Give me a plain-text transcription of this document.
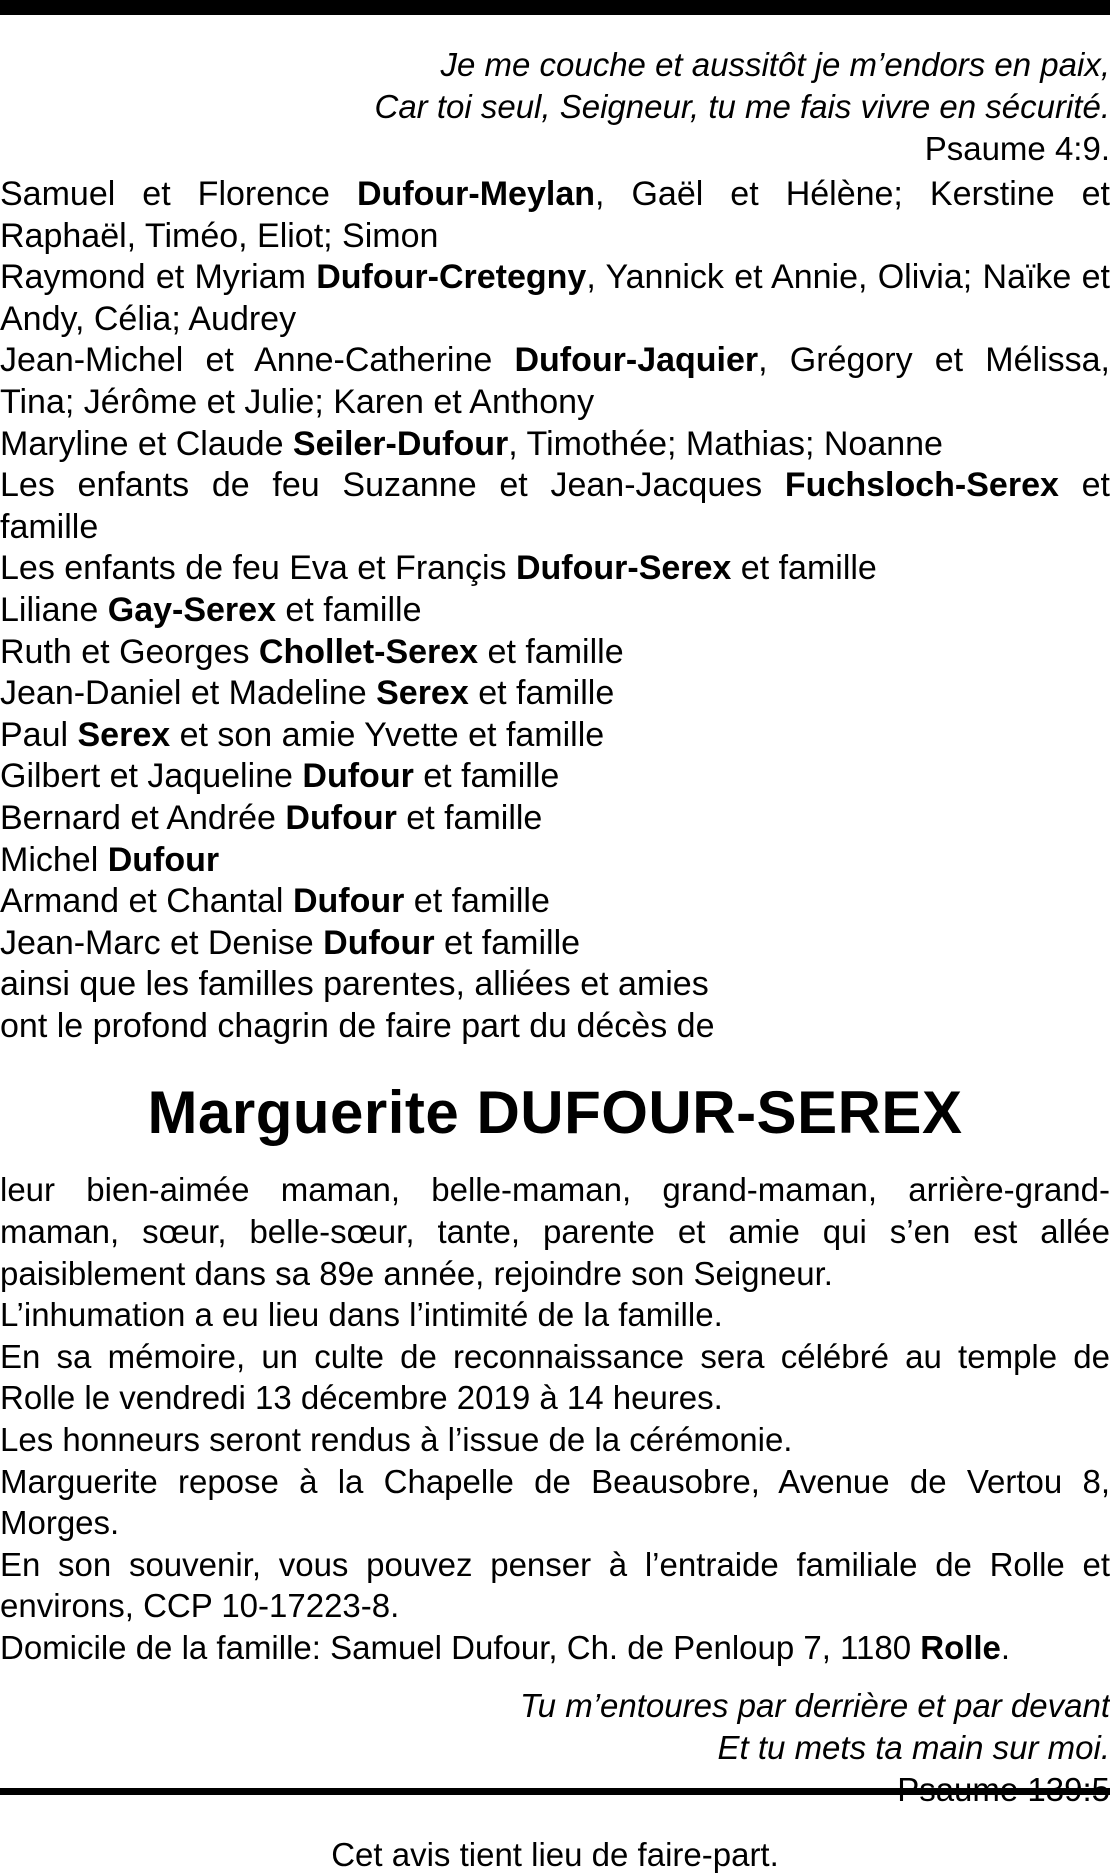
Je me couche et aussitôt je m’endors en paix,
Car toi seul, Seigneur, tu me fais vivre en sécurité.
Psaume 4:9.
Samuel et Florence Dufour-Meylan, Gaël et Hélène; Kerstine et Raphaël, Timéo, Eliot; Simon
Raymond et Myriam Dufour-Cretegny, Yannick et Annie, Olivia; Naïke et Andy, Célia; Audrey
Jean-Michel et Anne-Catherine Dufour-Jaquier, Grégory et Mélissa, Tina; Jérôme et Julie; Karen et Anthony
Maryline et Claude Seiler-Dufour, Timothée; Mathias; Noanne
Les enfants de feu Suzanne et Jean-Jacques Fuchsloch-Serex et famille
Les enfants de feu Eva et Françis Dufour-Serex et famille
Liliane Gay-Serex et famille
Ruth et Georges Chollet-Serex et famille
Jean-Daniel et Madeline Serex et famille
Paul Serex et son amie Yvette et famille
Gilbert et Jaqueline Dufour et famille
Bernard et Andrée Dufour et famille
Michel Dufour
Armand et Chantal Dufour et famille
Jean-Marc et Denise Dufour et famille
ainsi que les familles parentes, alliées et amies
ont le profond chagrin de faire part du décès de
Marguerite DUFOUR-SEREX

leur bien-aimée maman, belle-maman, grand-maman, arrière-grand-maman, sœur, belle-sœur, tante, parente et amie qui s’en est allée paisiblement dans sa 89e année, rejoindre son Seigneur.

L’inhumation a eu lieu dans l’intimité de la famille.

En sa mémoire, un culte de reconnaissance sera célébré au temple de Rolle le vendredi 13 décembre 2019 à 14 heures.

Les honneurs seront rendus à l’issue de la cérémonie.

Marguerite repose à la Chapelle de Beausobre, Avenue de Vertou 8, Morges.

En son souvenir, vous pouvez penser à l’entraide familiale de Rolle et environs, CCP 10-17223-8.

Domicile de la famille: Samuel Dufour, Ch. de Penloup 7, 1180 Rolle.

Tu m’entoures par derrière et par devant
Et tu mets ta main sur moi.
Cet avis tient lieu de faire-part.
